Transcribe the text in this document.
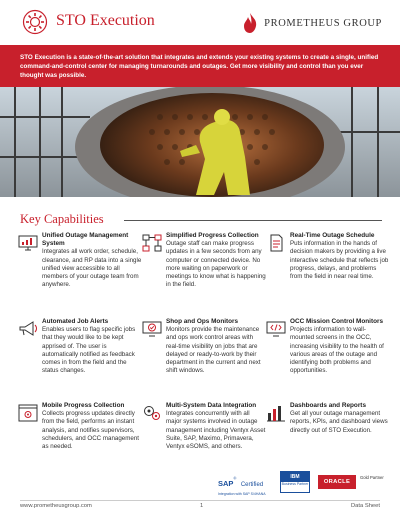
STO Execution	PROMETHEUS GROUP
STO Execution is a state-of-the-art solution that integrates and extends your existing systems to create a single, unified command-and-control center for managing turnarounds and outages. Get more visibility and control than you ever thought was possible.
Key Capabilities
Unified Outage Management System
Integrates all work order, schedule, clearance, and RP data into a single unified view accessible to all members of your outage team from anywhere.
Simplified Progress Collection
Outage staff can make progress updates in a few seconds from any computer or connected device. No more waiting on paperwork or meetings to know what is happening in the field.
Real-Time Outage Schedule
Puts information in the hands of decision makers by providing a live interactive schedule that reflects job progress, delays, and problems from the field in near real time.
Automated Job Alerts
Enables users to flag specific jobs that they would like to be kept apprised of. The user is automatically notified as feedback comes in from the field and the status changes.
Shop and Ops Monitors
Monitors provide the maintenance and ops work control areas with real-time visibility on jobs that are delayed or ready-to-work by their department in the current and next shift windows.
OCC Mission Control Monitors
Projects information to wall-mounted screens in the OCC, increasing visibility to the health of various areas of the outage and identifying both problems and opportunities.
Mobile Progress Collection
Collects progress updates directly from the field, performs an instant analysis, and notifies supervisors, schedulers, and OCC management as needed.
Multi-System Data Integration
Integrates concurrently with all major systems involved in outage management including Ventyx Asset Suite, SAP, Maximo, Primavera, Ventyx eSOMS, and others.
Dashboards and Reports
Get all your outage management reports, KPIs, and dashboard views directly out of STO Execution.
SAP® Certified
Integration with SAP S/4HANA
IBM
Business Partner	ORACLE
Gold Partner
www.prometheusgroup.com	1	Data Sheet
